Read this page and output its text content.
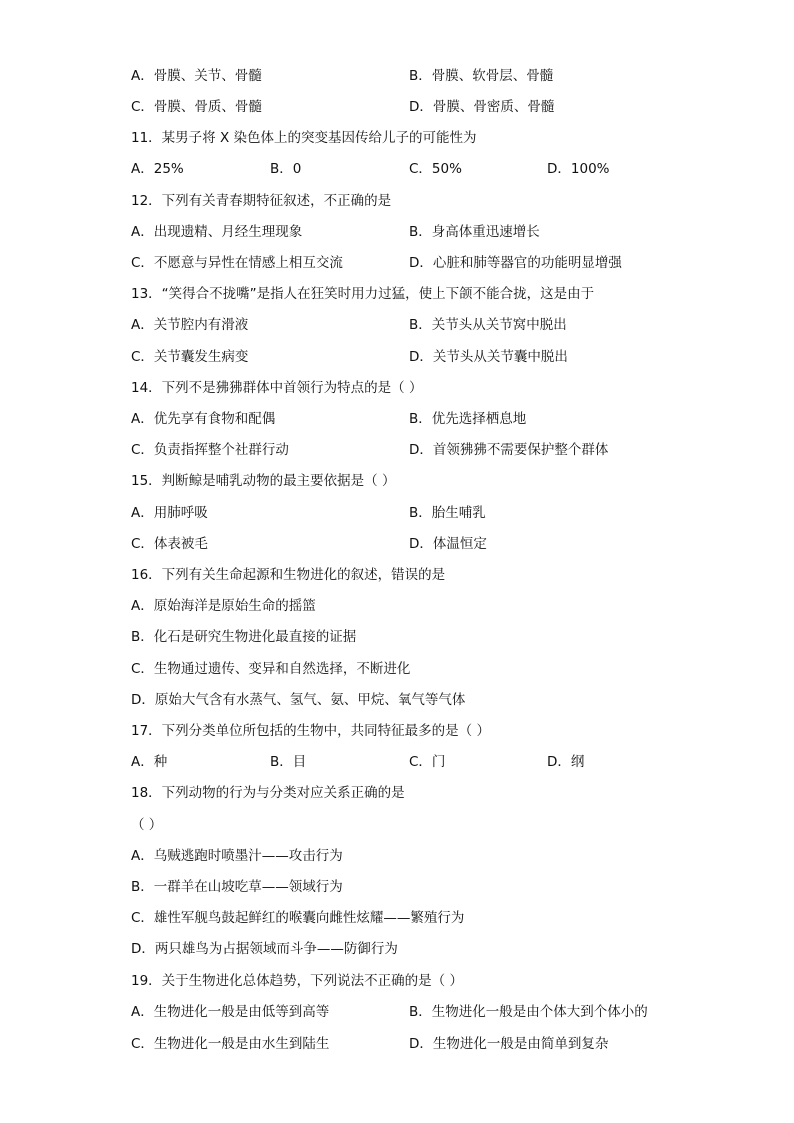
A．骨膜、关节、骨髓	B．骨膜、软骨层、骨髓
C．骨膜、骨质、骨髓	D．骨膜、骨密质、骨髓
11．某男子将 X 染色体上的突变基因传给儿子的可能性为
A．25%	B．0	C．50%	D．100%
12．下列有关青春期特征叙述，不正确的是
A．出现遗精、月经生理现象	B．身高体重迅速增长
C．不愿意与异性在情感上相互交流	D．心脏和肺等器官的功能明显增强
13．“笑得合不拢嘴”是指人在狂笑时用力过猛，使上下颌不能合拢，这是由于
A．关节腔内有滑液	B．关节头从关节窝中脱出
C．关节囊发生病变	D．关节头从关节囊中脱出
14．下列不是狒狒群体中首领行为特点的是（ ）
A．优先享有食物和配偶	B．优先选择栖息地
C．负责指挥整个社群行动	D．首领狒狒不需要保护整个群体
15．判断鲸是哺乳动物的最主要依据是（ ）
A．用肺呼吸	B．胎生哺乳
C．体表被毛	D．体温恒定
16．下列有关生命起源和生物进化的叙述，错误的是
A．原始海洋是原始生命的摇篮
B．化石是研究生物进化最直接的证据
C．生物通过遗传、变异和自然选择，不断进化
D．原始大气含有水蒸气、氢气、氨、甲烷、氧气等气体
17．下列分类单位所包括的生物中，共同特征最多的是（ ）
A．种	B．目	C．门	D．纲
18．下列动物的行为与分类对应关系正确的是
（ ）
A．乌贼逃跑时喷墨汁——攻击行为
B．一群羊在山坡吃草——领域行为
C．雄性军舰鸟鼓起鲜红的喉囊向雌性炫耀——繁殖行为
D．两只雄鸟为占据领域而斗争——防御行为
19．关于生物进化总体趋势，下列说法不正确的是（ ）
A．生物进化一般是由低等到高等	B．生物进化一般是由个体大到个体小的
C．生物进化一般是由水生到陆生	D．生物进化一般是由简单到复杂
